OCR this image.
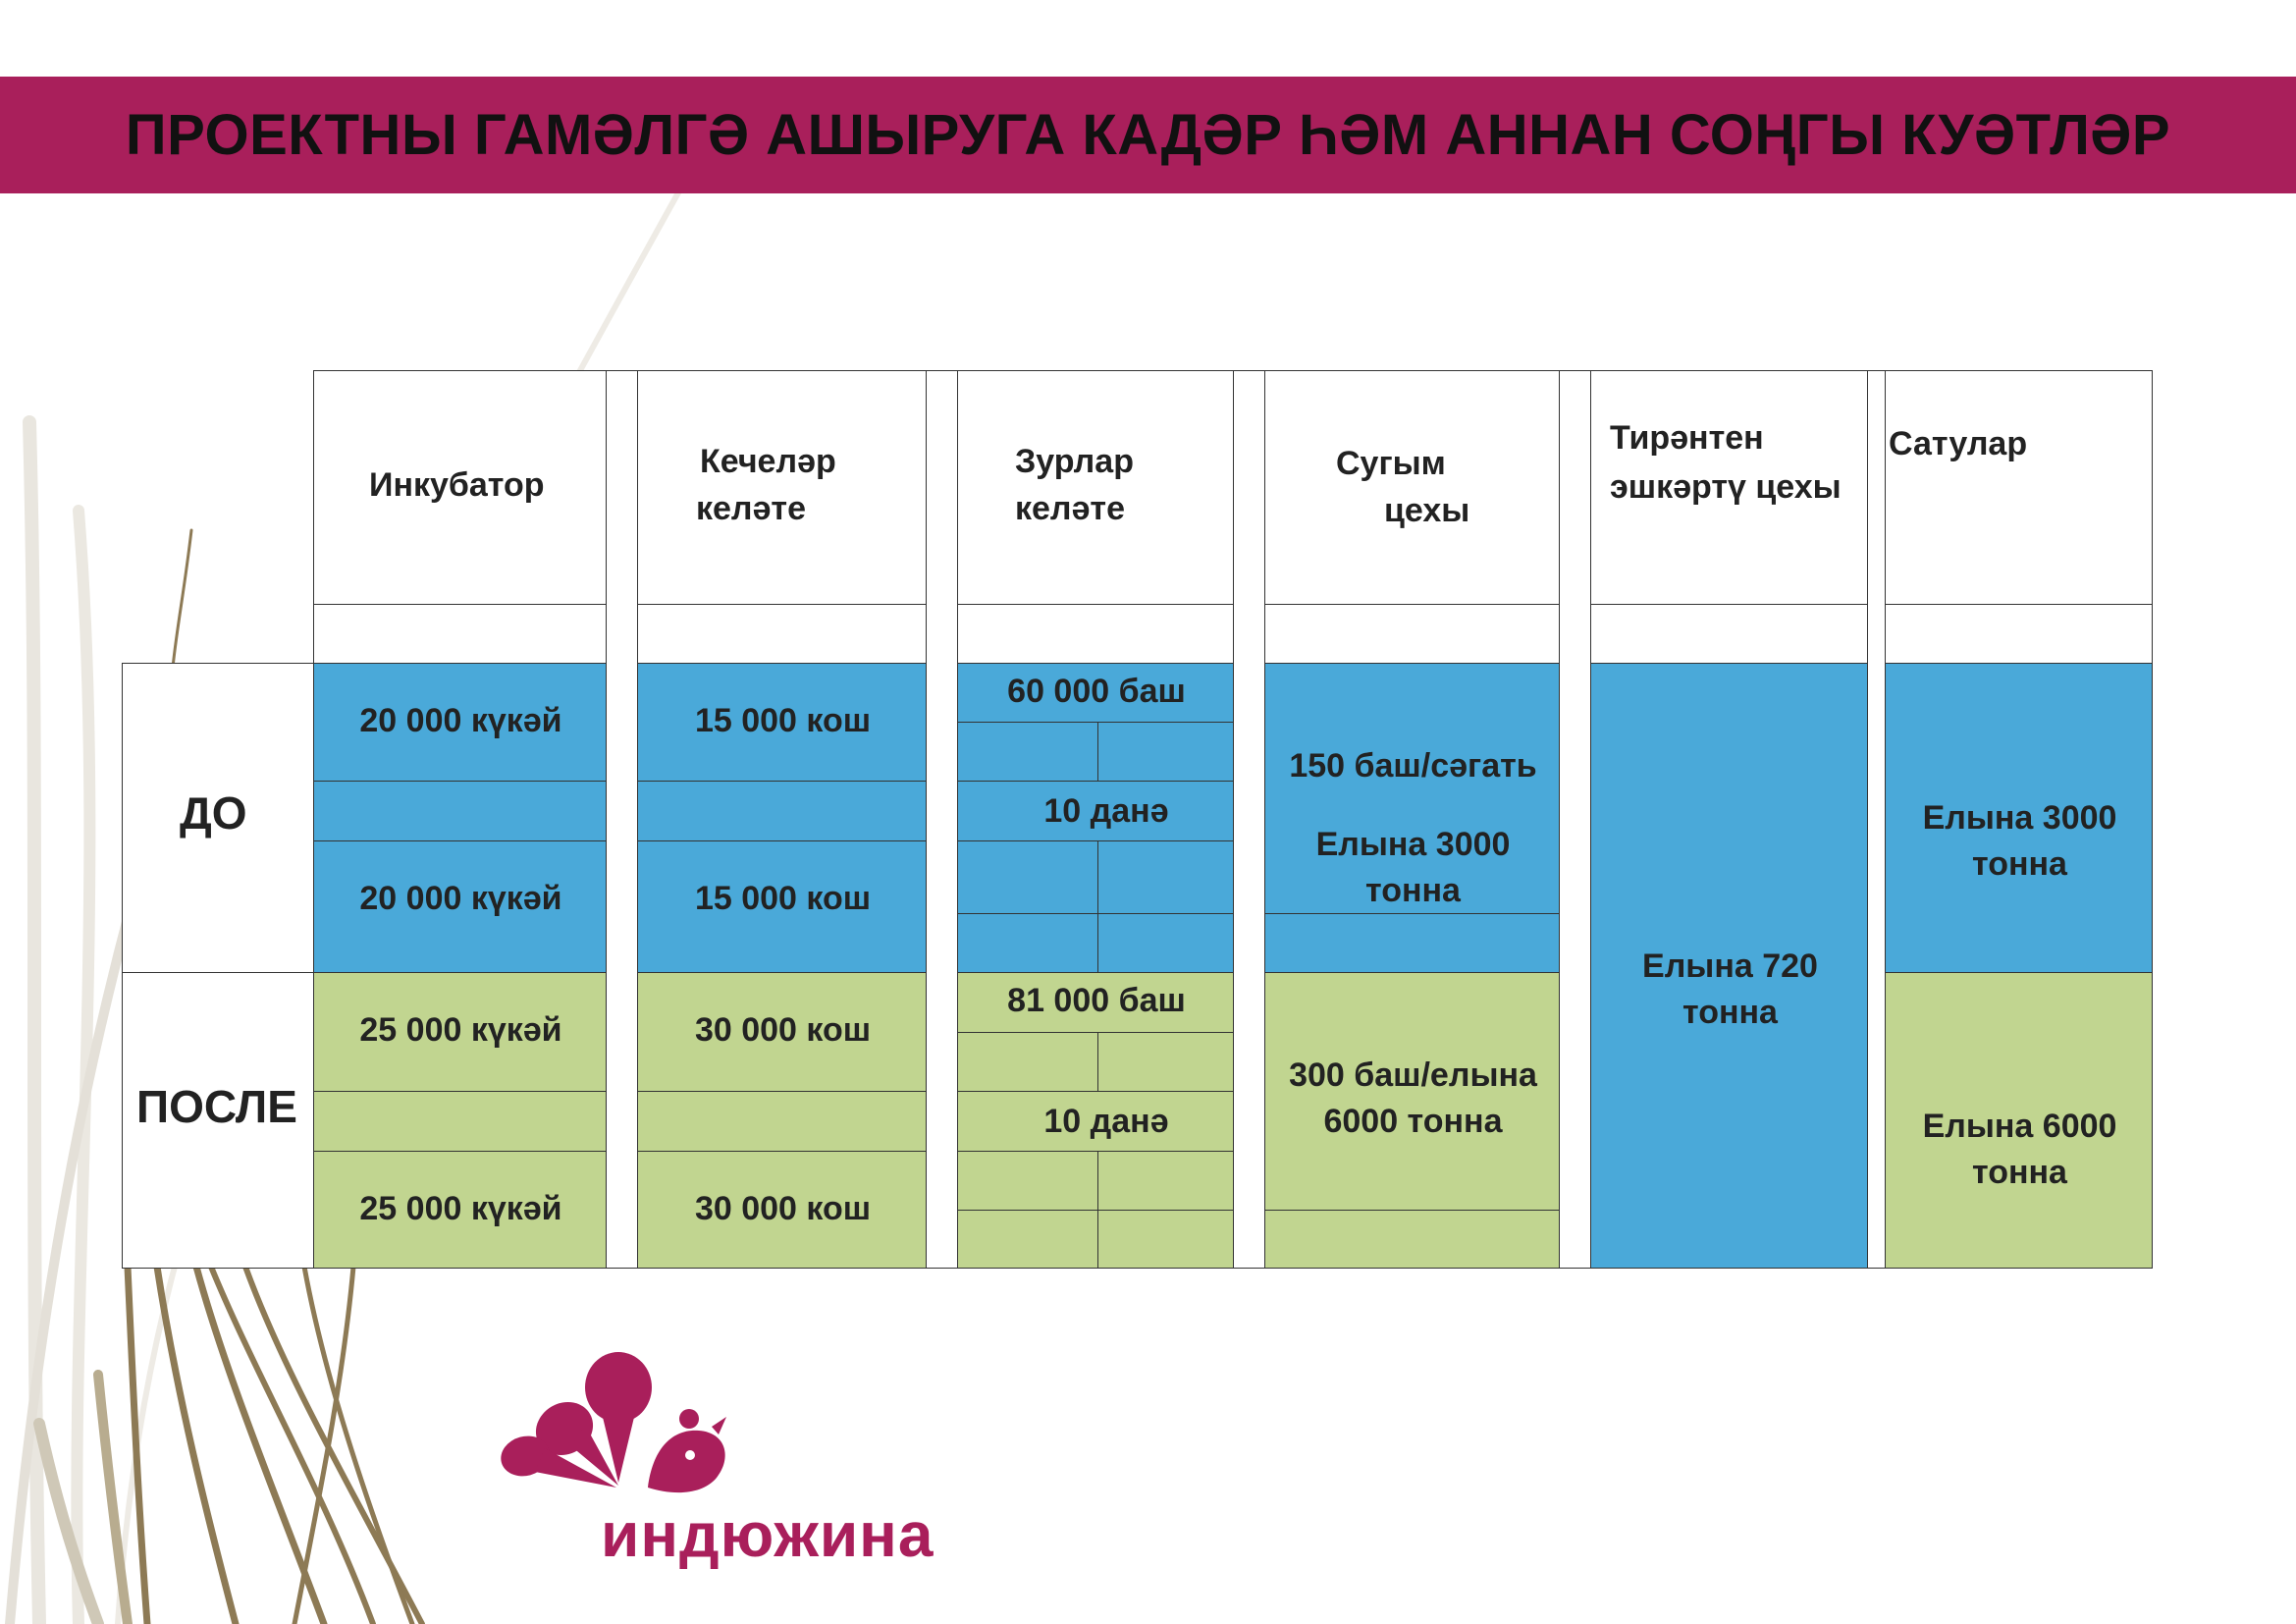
ПРОЕКТНЫ ГАМӘЛГӘ АШЫРУГА КАДӘР ҺӘМ АННАН СОҢГЫ КУӘТЛӘР
ДО
ПОСЛЕ
Инкубатор
Кечеләр
келәте
Зурлар
келәте
Сугым
цехы
Тирәнтен
эшкәртү цехы
Сатулар
20 000 күкәй
20 000 күкәй
15 000 кош
15 000 кош
60 000 баш
10 данә
150 баш/сәгать
Елына 3000
тонна
Елына 720
тонна
Елына 3000
тонна
25 000 күкәй
25 000 күкәй
30 000 кош
30 000 кош
81 000 баш
10 данә
300 баш/елына
6000 тонна	Елына 6000
тонна
индюжина
